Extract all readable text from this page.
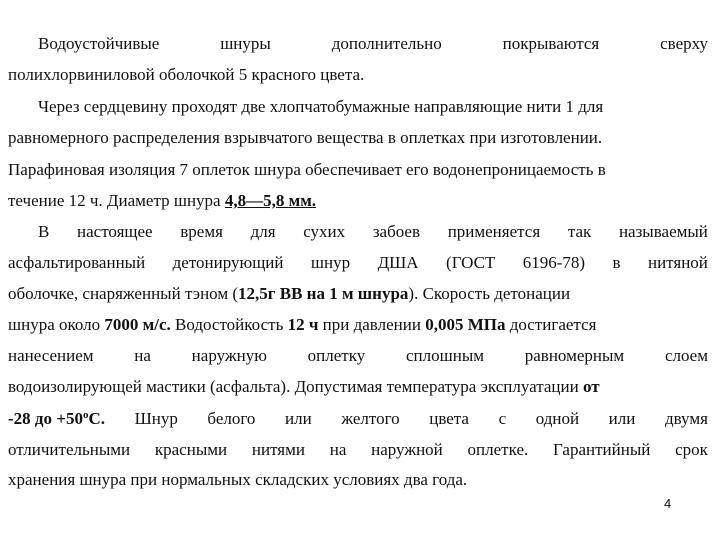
Водоустойчивые	шнуры	дополнительно	покрываются	сверху
полихлорвиниловой оболочкой 5 красного цвета.
Через сердцевину проходят две хлопчатобумажные направляющие нити 1 для
равномерного распределения взрывчатого вещества в оплетках при изготовлении.
Парафиновая изоляция 7 оплеток шнура обеспечивает его водонепроницаемость в
течение 12 ч. Диаметр шнура 4,8—5,8 мм.
В настоящее время для сухих забоев применяется так называемый
асфальтированный детонирующий шнур ДША (ГОСТ 6196-78) в нитяной
оболочке, снаряженный тэном (12,5г ВВ на 1 м шнура). Скорость детонации
шнура около 7000 м/с. Водостойкость 12 ч при давлении 0,005 МПа достигается
нанесением на наружную оплетку сплошным равномерным слоем
водоизолирующей мастики (асфальта). Допустимая температура эксплуатации от
-28 до $+50^оС$. Шнур белого или желтого цвета с одной или двумя
отличительными красными нитями на наружной оплетке. Гарантийный срок
хранения шнура при нормальных складских условиях два года.
4
